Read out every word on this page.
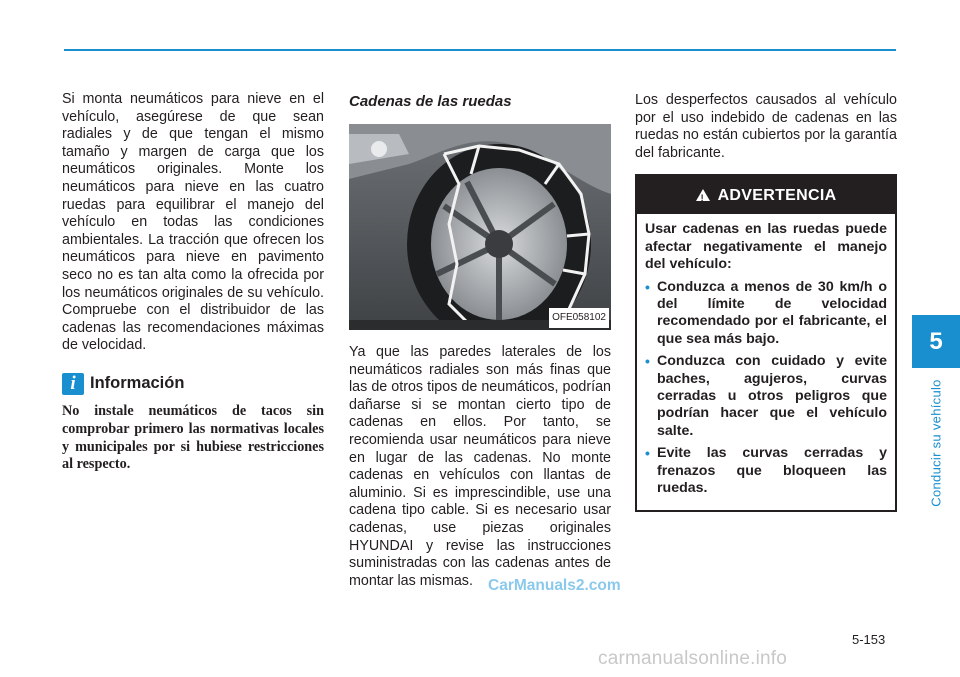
Si monta neumáticos para nieve en el vehículo, asegúrese de que sean radiales y de que tengan el mismo tamaño y margen de carga que los neumáticos originales. Monte los neumáticos para nieve en las cuatro ruedas para equilibrar el manejo del vehículo en todas las condiciones ambientales. La tracción que ofrecen los neumáticos para nieve en pavimento seco no es tan alta como la ofrecida por los neumáticos originales de su vehículo. Compruebe con el distribuidor de las cadenas las recomendaciones máximas de velocidad.

i Información
No instale neumáticos de tacos sin comprobar primero las normativas locales y municipales por si hubiese restricciones al respecto.
Cadenas de las ruedas
OFE058102

Ya que las paredes laterales de los neumáticos radiales son más finas que las de otros tipos de neumáticos, podrían dañarse si se montan cierto tipo de cadenas en ellos. Por tanto, se recomienda usar neumáticos para nieve en lugar de las cadenas. No monte cadenas en vehículos con llantas de aluminio. Si es imprescindible, use una cadena tipo cable. Si es necesario usar cadenas, use piezas originales HYUNDAI y revise las instrucciones suministradas con las cadenas antes de montar las mismas.

Los desperfectos causados al vehículo por el uso indebido de cadenas en las ruedas no están cubiertos por la garantía del fabricante.

! ADVERTENCIA

Usar cadenas en las ruedas puede afectar negativamente el manejo del vehículo:

• Conduzca a menos de 30 km/h o del límite de velocidad recomendado por el fabricante, el que sea más bajo.
• Conduzca con cuidado y evite baches, agujeros, curvas cerradas u otros peligros que podrían hacer que el vehículo salte.
• Evite las curvas cerradas y frenazos que bloqueen las ruedas.
5
Conducir su vehículo
5-153
CarManuals2.com
carmanualsonline.info
